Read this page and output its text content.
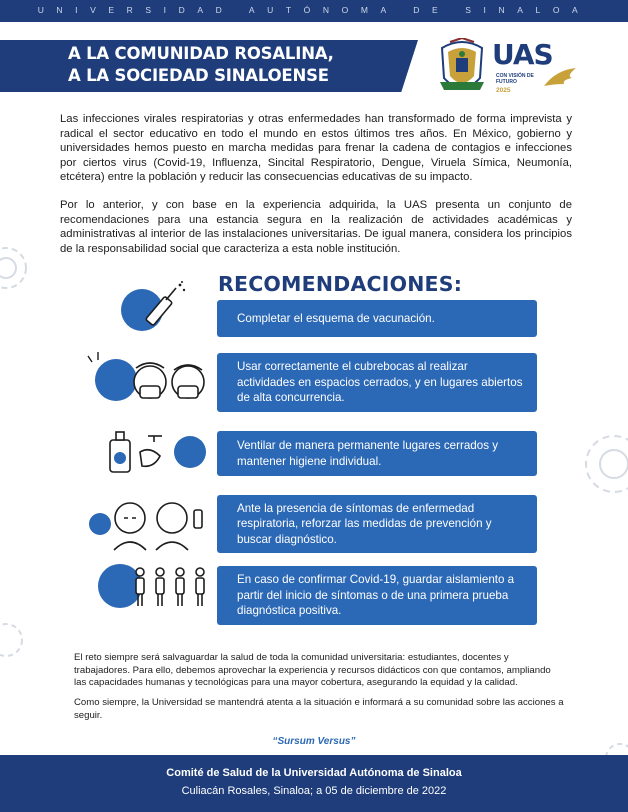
UNIVERSIDAD AUTÓNOMA DE SINALOA
A LA COMUNIDAD ROSALINA,
A LA SOCIEDAD SINALOENSE
UAS
CON VISIÓN DE FUTURO
2025
Las infecciones virales respiratorias y otras enfermedades han transformado de forma imprevista y radical el sector educativo en todo el mundo en estos últimos tres años. En México, gobierno y universidades hemos puesto en marcha medidas para frenar la cadena de contagios e infecciones por ciertos virus (Covid-19, Influenza, Sincital Respiratorio, Dengue, Viruela Símica, Neumonía, etcétera) entre la población y reducir las consecuencias educativas de su impacto.
Por lo anterior, y con base en la experiencia adquirida, la UAS presenta un conjunto de recomendaciones para una estancia segura en la realización de actividades académicas y administrativas al interior de las instalaciones universitarias. De igual manera, considera los principios de la responsabilidad social que caracteriza a esta noble institución.
RECOMENDACIONES:
Completar el esquema de vacunación.
Usar correctamente el cubrebocas al realizar actividades en espacios cerrados, y en lugares abiertos de alta concurrencia.
Ventilar de manera permanente lugares cerrados y mantener higiene individual.
Ante la presencia de síntomas de enfermedad respiratoria, reforzar las medidas de prevención y buscar diagnóstico.
En caso de confirmar Covid-19, guardar aislamiento a partir del inicio de síntomas o de una primera prueba diagnóstica positiva.
El reto siempre será salvaguardar la salud de toda la comunidad universitaria: estudiantes, docentes y trabajadores. Para ello, debemos aprovechar la experiencia y recursos didácticos con que contamos, ampliando las capacidades humanas y tecnológicas para una mayor cobertura, asegurando la equidad y la calidad.
Como siempre, la Universidad se mantendrá atenta a la situación e informará a su comunidad sobre las acciones a seguir.
“Sursum Versus”
Comité de Salud de la Universidad Autónoma de Sinaloa
Culiacán Rosales, Sinaloa; a 05 de diciembre de 2022
